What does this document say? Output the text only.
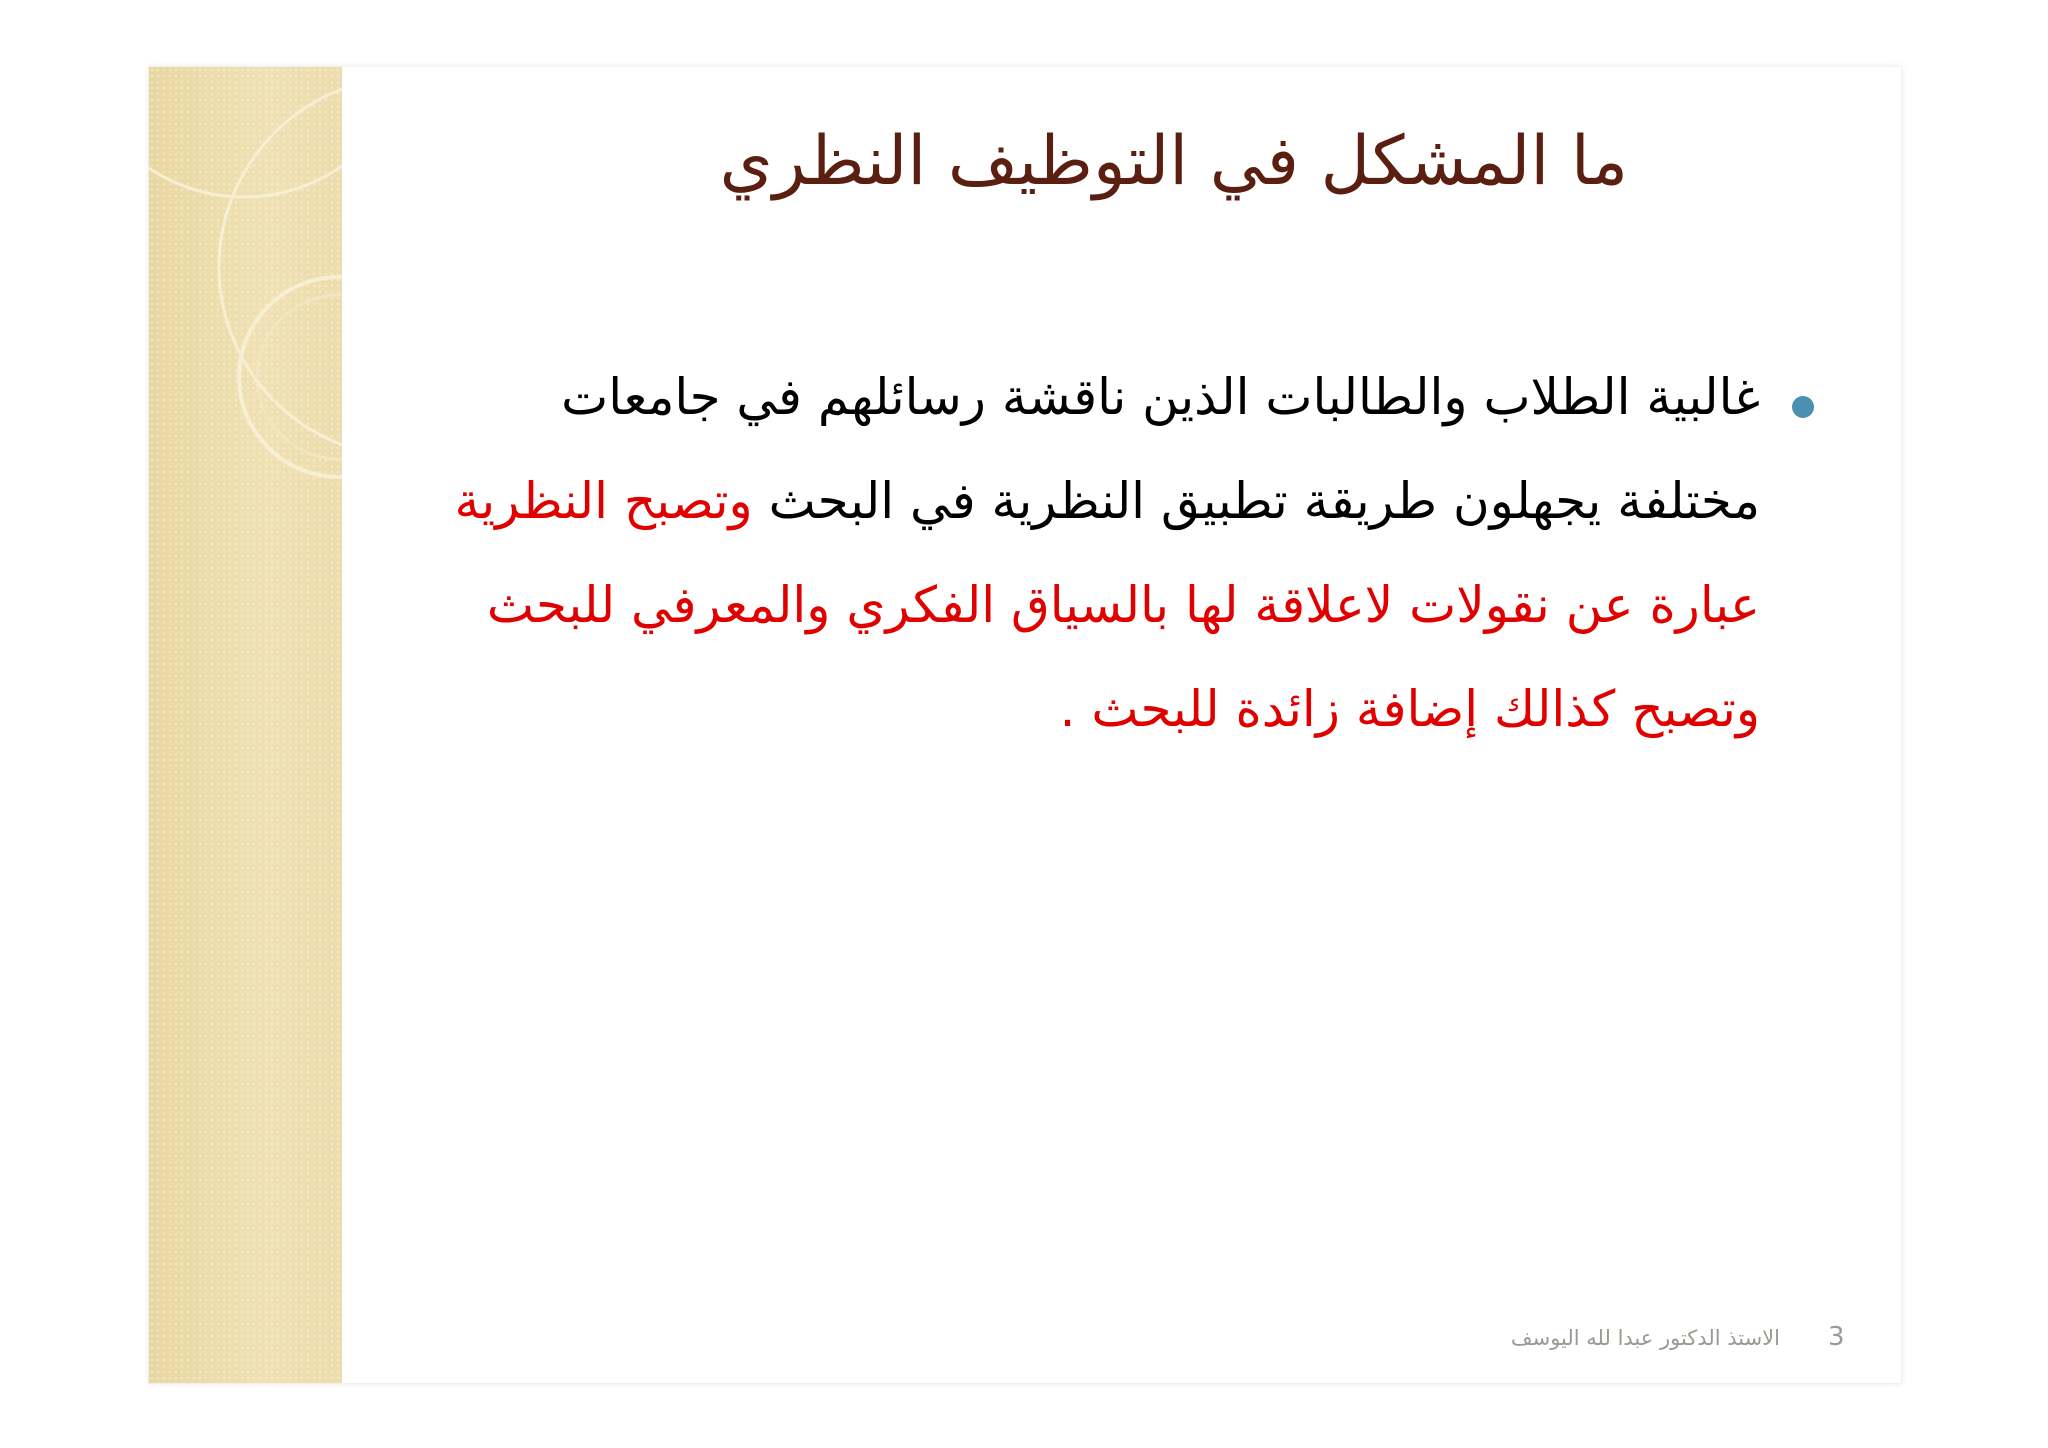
ما المشكل في التوظيف النظري
غالبية الطلاب والطالبات الذين ناقشة رسائلهم في جامعات مختلفة يجهلون طريقة تطبيق النظرية في البحث وتصبح النظرية عبارة عن نقولات لاعلاقة لها بالسياق الفكري والمعرفي للبحث وتصبح كذالك إضافة زائدة للبحث .
الاستذ الدكتور عبدا لله اليوسف 3
